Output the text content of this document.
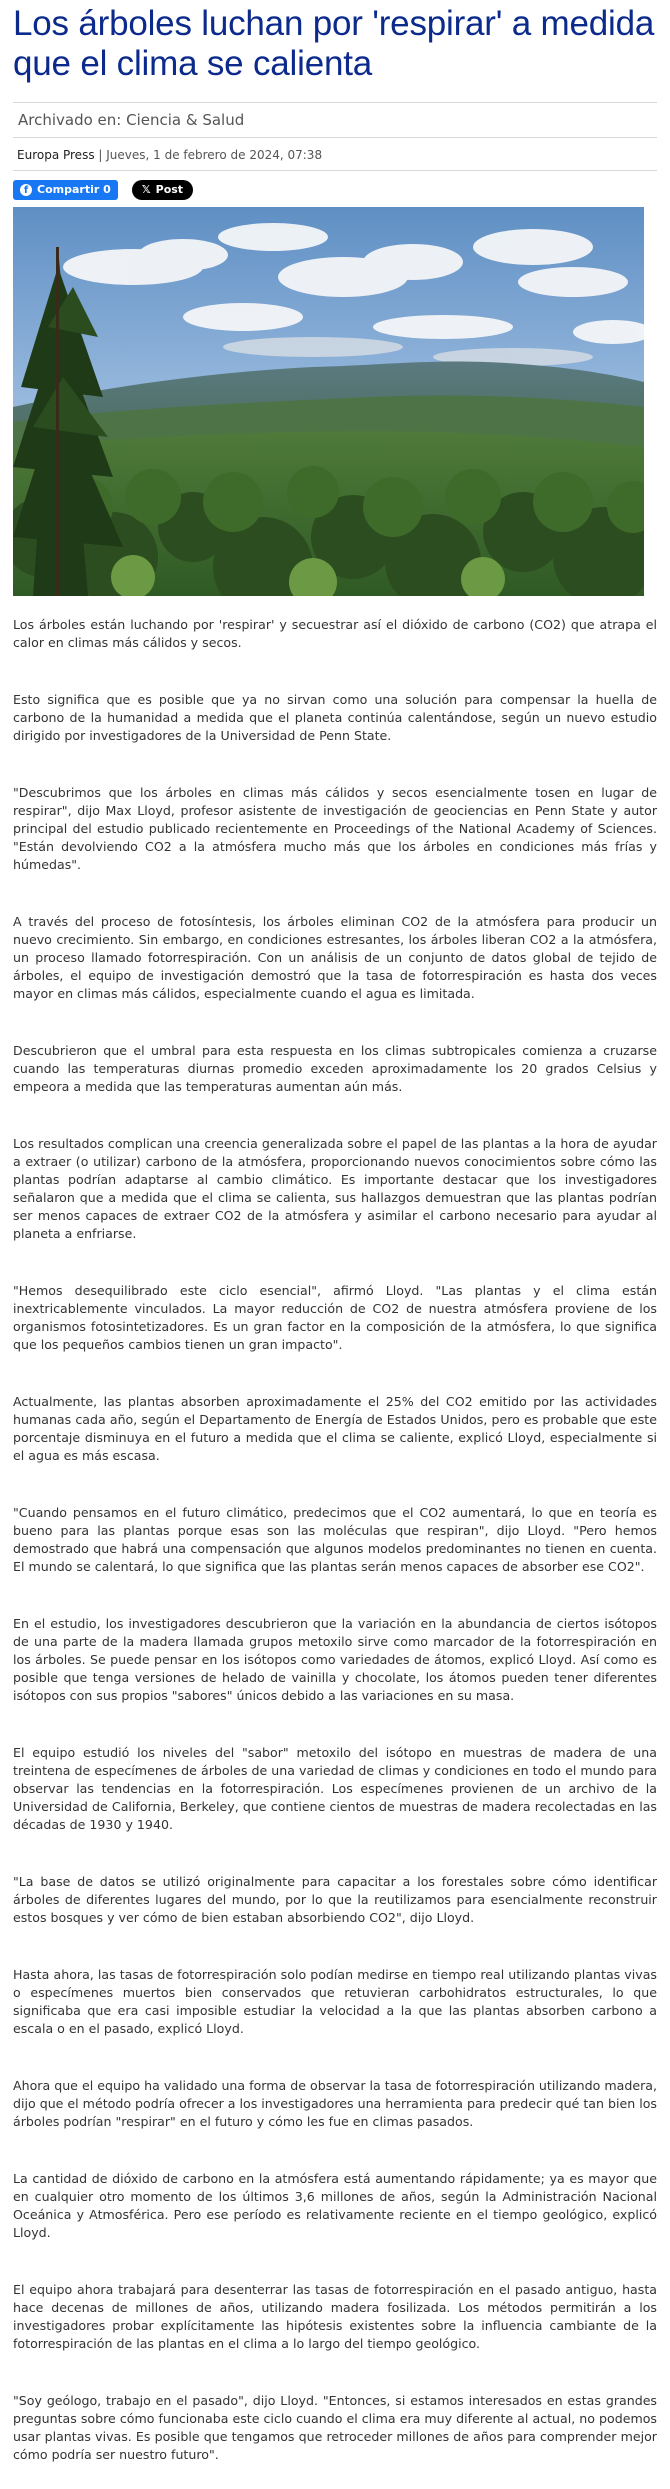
Los árboles luchan por 'respirar' a medida que el clima se calienta
Archivado en: Ciencia & Salud
Europa Press | Jueves, 1 de febrero de 2024, 07:38
f Compartir 0	𝕏 Post

Los árboles están luchando por 'respirar' y secuestrar así el dióxido de carbono (CO2) que atrapa el calor en climas más cálidos y secos.

Esto significa que es posible que ya no sirvan como una solución para compensar la huella de carbono de la humanidad a medida que el planeta continúa calentándose, según un nuevo estudio dirigido por investigadores de la Universidad de Penn State.

"Descubrimos que los árboles en climas más cálidos y secos esencialmente tosen en lugar de respirar", dijo Max Lloyd, profesor asistente de investigación de geociencias en Penn State y autor principal del estudio publicado recientemente en Proceedings of the National Academy of Sciences. "Están devolviendo CO2 a la atmósfera mucho más que los árboles en condiciones más frías y húmedas".

A través del proceso de fotosíntesis, los árboles eliminan CO2 de la atmósfera para producir un nuevo crecimiento. Sin embargo, en condiciones estresantes, los árboles liberan CO2 a la atmósfera, un proceso llamado fotorrespiración. Con un análisis de un conjunto de datos global de tejido de árboles, el equipo de investigación demostró que la tasa de fotorrespiración es hasta dos veces mayor en climas más cálidos, especialmente cuando el agua es limitada.

Descubrieron que el umbral para esta respuesta en los climas subtropicales comienza a cruzarse cuando las temperaturas diurnas promedio exceden aproximadamente los 20 grados Celsius y empeora a medida que las temperaturas aumentan aún más.

Los resultados complican una creencia generalizada sobre el papel de las plantas a la hora de ayudar a extraer (o utilizar) carbono de la atmósfera, proporcionando nuevos conocimientos sobre cómo las plantas podrían adaptarse al cambio climático. Es importante destacar que los investigadores señalaron que a medida que el clima se calienta, sus hallazgos demuestran que las plantas podrían ser menos capaces de extraer CO2 de la atmósfera y asimilar el carbono necesario para ayudar al planeta a enfriarse.

"Hemos desequilibrado este ciclo esencial", afirmó Lloyd. "Las plantas y el clima están inextricablemente vinculados. La mayor reducción de CO2 de nuestra atmósfera proviene de los organismos fotosintetizadores. Es un gran factor en la composición de la atmósfera, lo que significa que los pequeños cambios tienen un gran impacto".

Actualmente, las plantas absorben aproximadamente el 25% del CO2 emitido por las actividades humanas cada año, según el Departamento de Energía de Estados Unidos, pero es probable que este porcentaje disminuya en el futuro a medida que el clima se caliente, explicó Lloyd, especialmente si el agua es más escasa.

"Cuando pensamos en el futuro climático, predecimos que el CO2 aumentará, lo que en teoría es bueno para las plantas porque esas son las moléculas que respiran", dijo Lloyd. "Pero hemos demostrado que habrá una compensación que algunos modelos predominantes no tienen en cuenta. El mundo se calentará, lo que significa que las plantas serán menos capaces de absorber ese CO2".

En el estudio, los investigadores descubrieron que la variación en la abundancia de ciertos isótopos de una parte de la madera llamada grupos metoxilo sirve como marcador de la fotorrespiración en los árboles. Se puede pensar en los isótopos como variedades de átomos, explicó Lloyd. Así como es posible que tenga versiones de helado de vainilla y chocolate, los átomos pueden tener diferentes isótopos con sus propios "sabores" únicos debido a las variaciones en su masa.

El equipo estudió los niveles del "sabor" metoxilo del isótopo en muestras de madera de una treintena de especímenes de árboles de una variedad de climas y condiciones en todo el mundo para observar las tendencias en la fotorrespiración. Los especímenes provienen de un archivo de la Universidad de California, Berkeley, que contiene cientos de muestras de madera recolectadas en las décadas de 1930 y 1940.

"La base de datos se utilizó originalmente para capacitar a los forestales sobre cómo identificar árboles de diferentes lugares del mundo, por lo que la reutilizamos para esencialmente reconstruir estos bosques y ver cómo de bien estaban absorbiendo CO2", dijo Lloyd.

Hasta ahora, las tasas de fotorrespiración solo podían medirse en tiempo real utilizando plantas vivas o especímenes muertos bien conservados que retuvieran carbohidratos estructurales, lo que significaba que era casi imposible estudiar la velocidad a la que las plantas absorben carbono a escala o en el pasado, explicó Lloyd.

Ahora que el equipo ha validado una forma de observar la tasa de fotorrespiración utilizando madera, dijo que el método podría ofrecer a los investigadores una herramienta para predecir qué tan bien los árboles podrían "respirar" en el futuro y cómo les fue en climas pasados.

La cantidad de dióxido de carbono en la atmósfera está aumentando rápidamente; ya es mayor que en cualquier otro momento de los últimos 3,6 millones de años, según la Administración Nacional Oceánica y Atmosférica. Pero ese período es relativamente reciente en el tiempo geológico, explicó Lloyd.

El equipo ahora trabajará para desenterrar las tasas de fotorrespiración en el pasado antiguo, hasta hace decenas de millones de años, utilizando madera fosilizada. Los métodos permitirán a los investigadores probar explícitamente las hipótesis existentes sobre la influencia cambiante de la fotorrespiración de las plantas en el clima a lo largo del tiempo geológico.

"Soy geólogo, trabajo en el pasado", dijo Lloyd. "Entonces, si estamos interesados en estas grandes preguntas sobre cómo funcionaba este ciclo cuando el clima era muy diferente al actual, no podemos usar plantas vivas. Es posible que tengamos que retroceder millones de años para comprender mejor cómo podría ser nuestro futuro".
